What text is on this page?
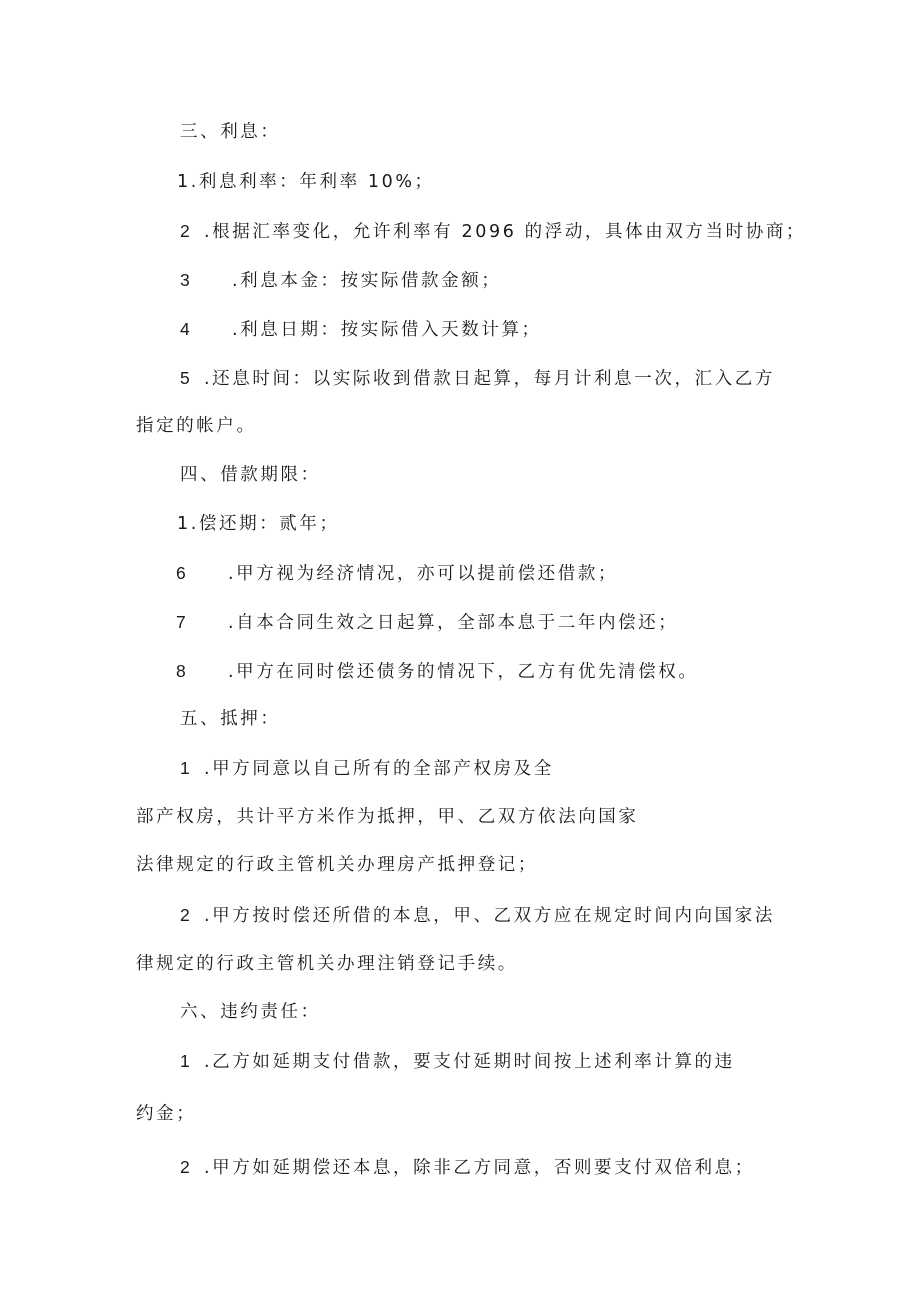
三、利息：
1.利息利率：年利率 10%；
2 .根据汇率变化，允许利率有 2096 的浮动，具体由双方当时协商；
3 .利息本金：按实际借款金额；
4 .利息日期：按实际借入天数计算；
5 .还息时间：以实际收到借款日起算，每月计利息一次，汇入乙方
指定的帐户。
四、借款期限：
1.偿还期：贰年；
6 .甲方视为经济情况，亦可以提前偿还借款；
7 .自本合同生效之日起算，全部本息于二年内偿还；
8 .甲方在同时偿还债务的情况下，乙方有优先清偿权。
五、抵押：
1 .甲方同意以自己所有的全部产权房及全
部产权房，共计平方米作为抵押，甲、乙双方依法向国家
法律规定的行政主管机关办理房产抵押登记；
2 .甲方按时偿还所借的本息，甲、乙双方应在规定时间内向国家法
律规定的行政主管机关办理注销登记手续。
六、违约责任：
1 .乙方如延期支付借款，要支付延期时间按上述利率计算的违
约金；
2 .甲方如延期偿还本息，除非乙方同意，否则要支付双倍利息；
